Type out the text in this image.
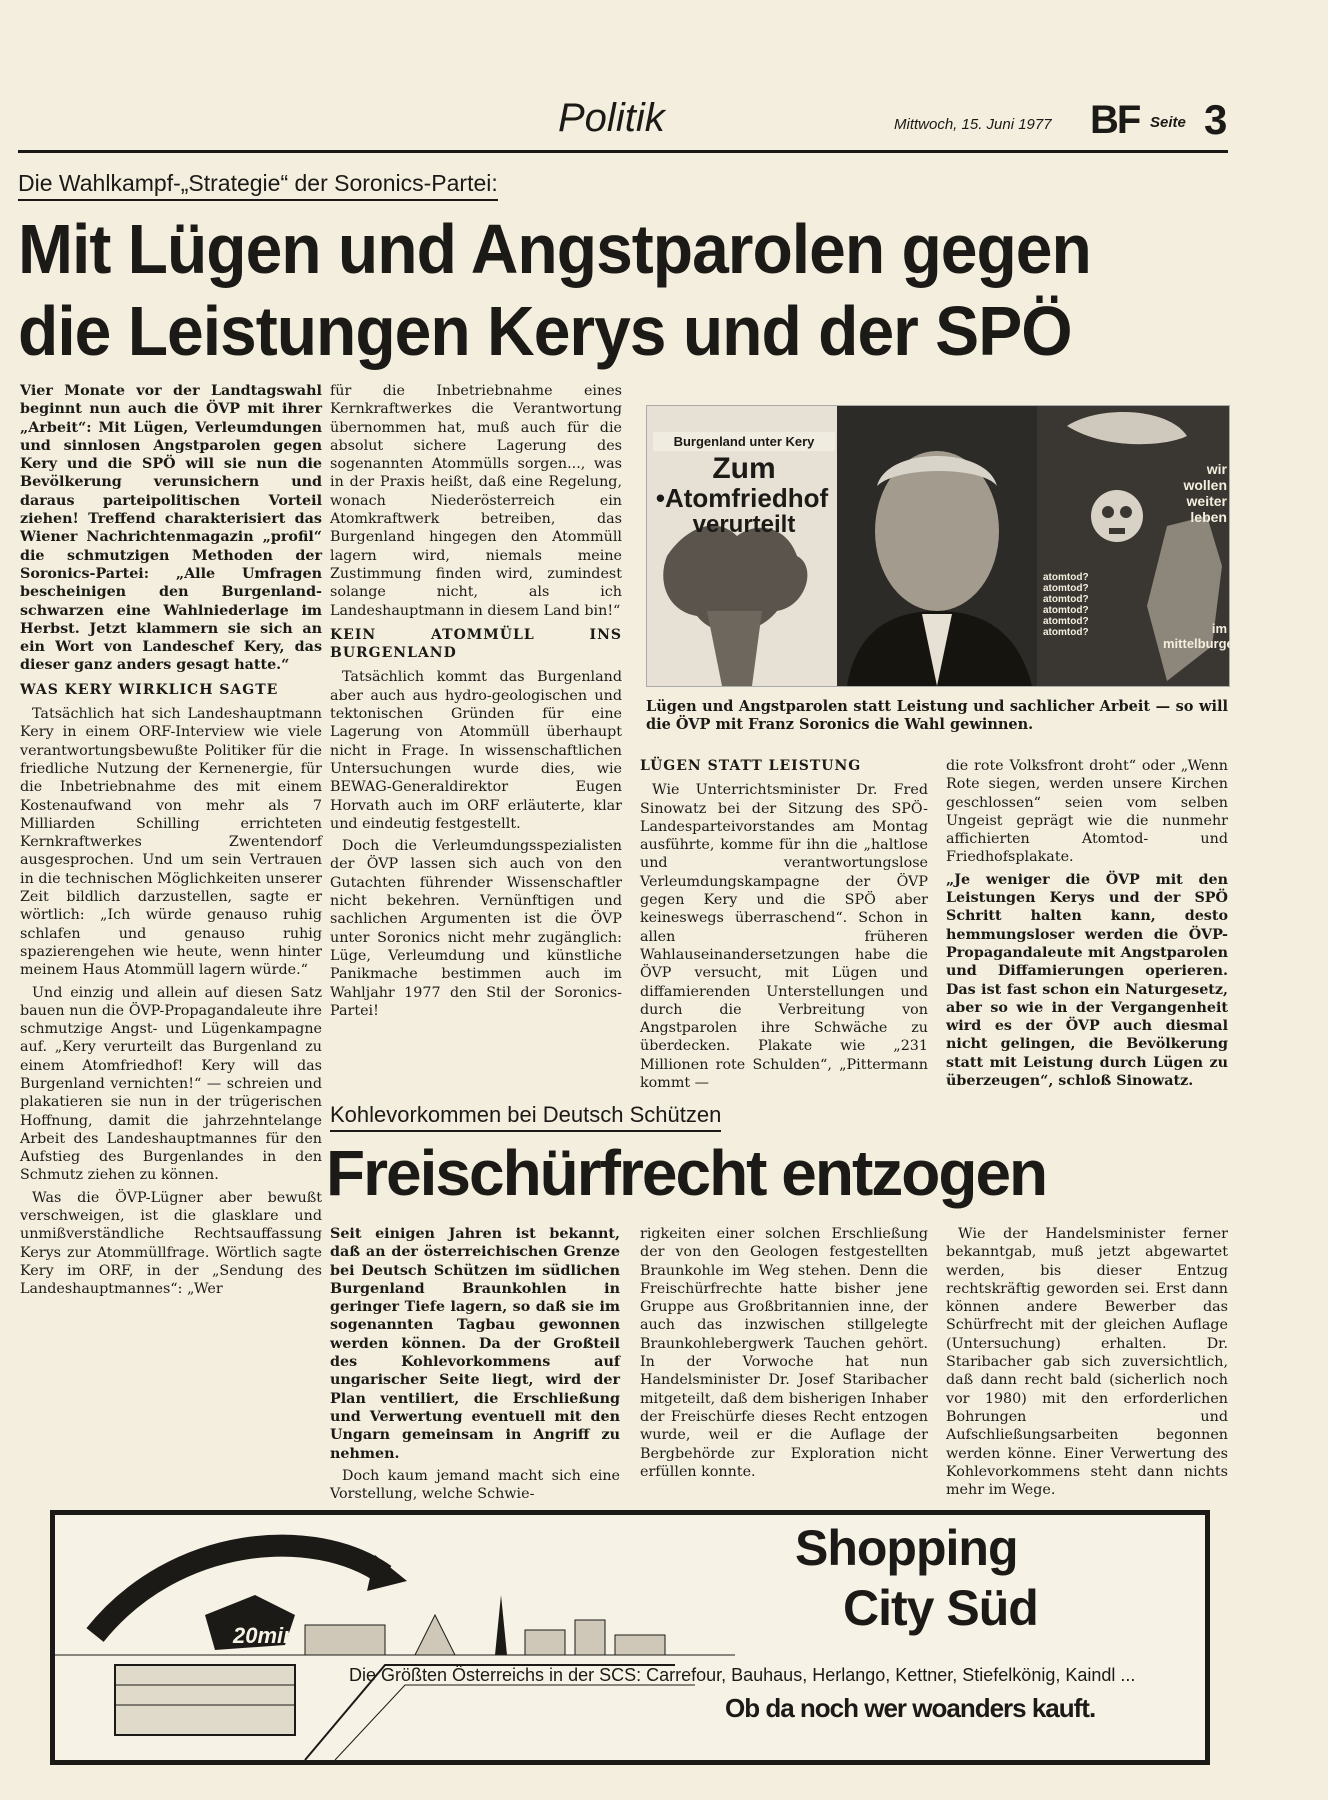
Politik	Mittwoch, 15. Juni 1977 BF Seite 3
Die Wahlkampf-„Strategie“ der Soronics-Partei:
Mit Lügen und Angstparolen gegen
die Leistungen Kerys und der SPÖ

Vier Monate vor der Landtagswahl beginnt nun auch die ÖVP mit ihrer „Arbeit“: Mit Lügen, Verleumdungen und sinnlosen Angstparolen gegen Kery und die SPÖ will sie nun die Bevölkerung verunsichern und daraus parteipolitischen Vorteil ziehen! Treffend charakterisiert das Wiener Nachrichtenmagazin „profil“ die schmutzigen Methoden der Soronics-Partei: „Alle Umfragen bescheinigen den Burgenland-schwarzen eine Wahlniederlage im Herbst. Jetzt klammern sie sich an ein Wort von Landeschef Kery, das dieser ganz anders gesagt hatte.“

WAS KERY WIRKLICH SAGTE

Tatsächlich hat sich Landeshauptmann Kery in einem ORF-Interview wie viele verantwortungsbewußte Politiker für die friedliche Nutzung der Kernenergie, für die Inbetriebnahme des mit einem Kostenaufwand von mehr als 7 Milliarden Schilling errichteten Kernkraftwerkes Zwentendorf ausgesprochen. Und um sein Vertrauen in die technischen Möglichkeiten unserer Zeit bildlich darzustellen, sagte er wörtlich: „Ich würde genauso ruhig schlafen und genauso ruhig spazierengehen wie heute, wenn hinter meinem Haus Atommüll lagern würde.“

Und einzig und allein auf diesen Satz bauen nun die ÖVP-Propagandaleute ihre schmutzige Angst- und Lügenkampagne auf. „Kery verurteilt das Burgenland zu einem Atomfriedhof! Kery will das Burgenland vernichten!“ — schreien und plakatieren sie nun in der trügerischen Hoffnung, damit die jahrzehntelange Arbeit des Landeshauptmannes für den Aufstieg des Burgenlandes in den Schmutz ziehen zu können.

Was die ÖVP-Lügner aber bewußt verschweigen, ist die glasklare und unmißverständliche Rechtsauffassung Kerys zur Atommüllfrage. Wörtlich sagte Kery im ORF, in der „Sendung des Landeshauptmannes“: „Wer

für die Inbetriebnahme eines Kernkraftwerkes die Verantwortung übernommen hat, muß auch für die absolut sichere Lagerung des sogenannten Atommülls sorgen..., was in der Praxis heißt, daß eine Regelung, wonach Niederösterreich ein Atomkraftwerk betreiben, das Burgenland hingegen den Atommüll lagern wird, niemals meine Zustimmung finden wird, zumindest solange nicht, als ich Landeshauptmann in diesem Land bin!“

KEIN ATOMMÜLL INS BURGENLAND

Tatsächlich kommt das Burgenland aber auch aus hydro-geologischen und tektonischen Gründen für eine Lagerung von Atommüll überhaupt nicht in Frage. In wissenschaftlichen Untersuchungen wurde dies, wie BEWAG-Generaldirektor Eugen Horvath auch im ORF erläuterte, klar und eindeutig festgestellt.

Doch die Verleumdungsspezialisten der ÖVP lassen sich auch von den Gutachten führender Wissenschaftler nicht bekehren. Vernünftigen und sachlichen Argumenten ist die ÖVP unter Soronics nicht mehr zugänglich: Lüge, Verleumdung und künstliche Panikmache bestimmen auch im Wahljahr 1977 den Stil der Soronics-Partei!

Burgenland unter Kery
Zum
•Atomfriedhof
verurteilt
wir wollen weiter leben
atomtod?
atomtod?
atomtod?
atomtod?
atomtod?
atomtod?	im mittelburgenland
Lügen und Angstparolen statt Leistung und sachlicher Arbeit — so will die ÖVP mit Franz Soronics die Wahl gewinnen.
LÜGEN STATT LEISTUNG

Wie Unterrichtsminister Dr. Fred Sinowatz bei der Sitzung des SPÖ-Landesparteivorstandes am Montag ausführte, komme für ihn die „haltlose und verantwortungslose Verleumdungskampagne der ÖVP gegen Kery und die SPÖ aber keineswegs überraschend“. Schon in allen früheren Wahlauseinandersetzungen habe die ÖVP versucht, mit Lügen und diffamierenden Unterstellungen und durch die Verbreitung von Angstparolen ihre Schwäche zu überdecken. Plakate wie „231 Millionen rote Schulden“, „Pittermann kommt —

die rote Volksfront droht“ oder „Wenn Rote siegen, werden unsere Kirchen geschlossen“ seien vom selben Ungeist geprägt wie die nunmehr affichierten Atomtod- und Friedhofsplakate.

„Je weniger die ÖVP mit den Leistungen Kerys und der SPÖ Schritt halten kann, desto hemmungsloser werden die ÖVP-Propagandaleute mit Angstparolen und Diffamierungen operieren. Das ist fast schon ein Naturgesetz, aber so wie in der Vergangenheit wird es der ÖVP auch diesmal nicht gelingen, die Bevölkerung statt mit Leistung durch Lügen zu überzeugen“, schloß Sinowatz.

Kohlevorkommen bei Deutsch Schützen
Freischürfrecht entzogen

Seit einigen Jahren ist bekannt, daß an der österreichischen Grenze bei Deutsch Schützen im südlichen Burgenland Braunkohlen in geringer Tiefe lagern, so daß sie im sogenannten Tagbau gewonnen werden können. Da der Großteil des Kohlevorkommens auf ungarischer Seite liegt, wird der Plan ventiliert, die Erschließung und Verwertung eventuell mit den Ungarn gemeinsam in Angriff zu nehmen.

Doch kaum jemand macht sich eine Vorstellung, welche Schwie-

rigkeiten einer solchen Erschließung der von den Geologen festgestellten Braunkohle im Weg stehen. Denn die Freischürfrechte hatte bisher jene Gruppe aus Großbritannien inne, der auch das inzwischen stillgelegte Braunkohlebergwerk Tauchen gehört. In der Vorwoche hat nun Handelsminister Dr. Josef Staribacher mitgeteilt, daß dem bisherigen Inhaber der Freischürfe dieses Recht entzogen wurde, weil er die Auflage der Bergbehörde zur Exploration nicht erfüllen konnte.

Wie der Handelsminister ferner bekanntgab, muß jetzt abgewartet werden, bis dieser Entzug rechtskräftig geworden sei. Erst dann können andere Bewerber das Schürfrecht mit der gleichen Auflage (Untersuchung) erhalten. Dr. Staribacher gab sich zuversichtlich, daß dann recht bald (sicherlich noch vor 1980) mit den erforderlichen Bohrungen und Aufschließungsarbeiten begonnen werden könne. Einer Verwertung des Kohlevorkommens steht dann nichts mehr im Wege.

20min
Shopping
City Süd
Die Größten Österreichs in der SCS: Carrefour, Bauhaus, Herlango, Kettner, Stiefelkönig, Kaindl ...
Ob da noch wer woanders kauft.
